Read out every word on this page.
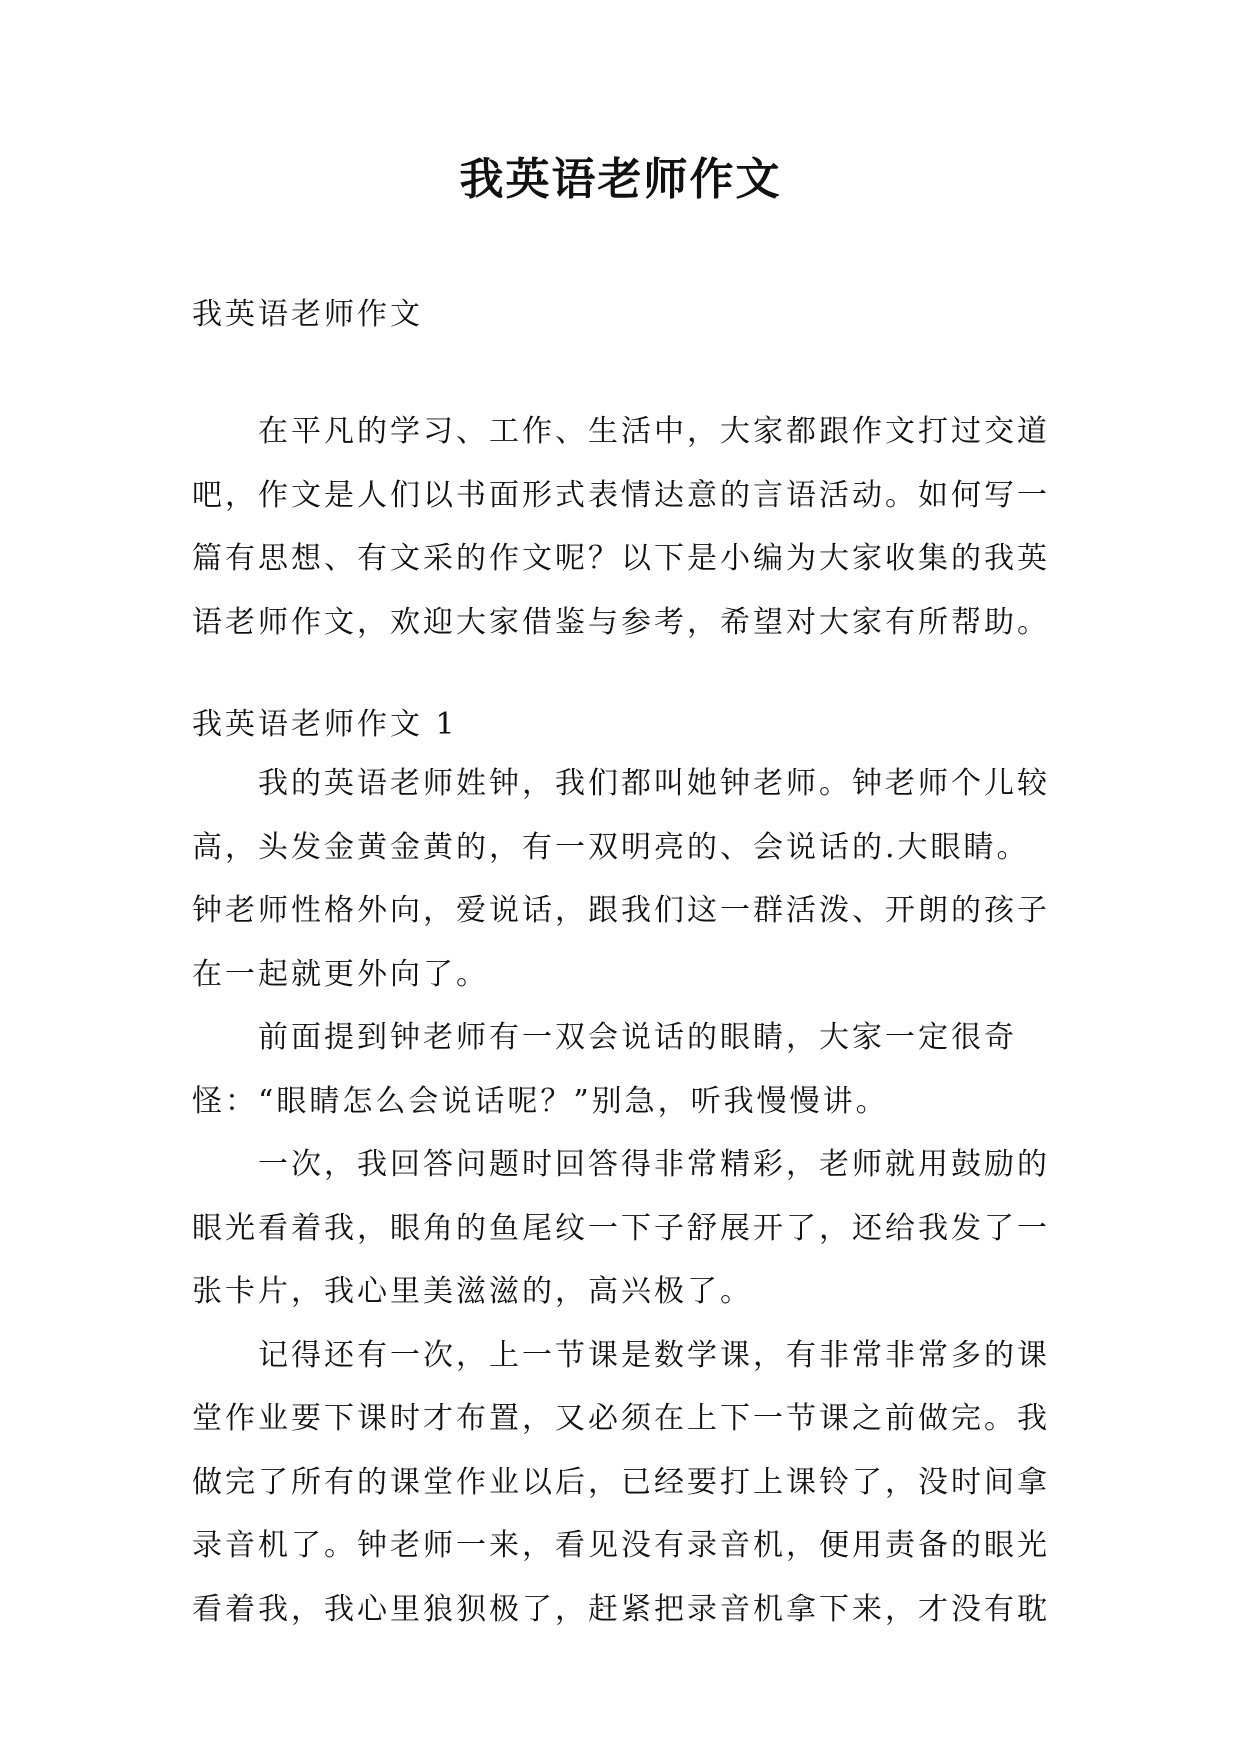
我英语老师作文
我英语老师作文

在平凡的学习、工作、生活中，大家都跟作文打过交道吧，作文是人们以书面形式表情达意的言语活动。如何写一篇有思想、有文采的作文呢？以下是小编为大家收集的我英语老师作文，欢迎大家借鉴与参考，希望对大家有所帮助。

我英语老师作文 1

我的英语老师姓钟，我们都叫她钟老师。钟老师个儿较高，头发金黄金黄的，有一双明亮的、会说话的.大眼睛。钟老师性格外向，爱说话，跟我们这一群活泼、开朗的孩子在一起就更外向了。

前面提到钟老师有一双会说话的眼睛，大家一定很奇怪：“眼睛怎么会说话呢？”别急，听我慢慢讲。

一次，我回答问题时回答得非常精彩，老师就用鼓励的眼光看着我，眼角的鱼尾纹一下子舒展开了，还给我发了一张卡片，我心里美滋滋的，高兴极了。

记得还有一次，上一节课是数学课，有非常非常多的课堂作业要下课时才布置，又必须在上下一节课之前做完。我做完了所有的课堂作业以后，已经要打上课铃了，没时间拿录音机了。钟老师一来，看见没有录音机，便用责备的眼光看着我，我心里狼狈极了，赶紧把录音机拿下来，才没有耽
